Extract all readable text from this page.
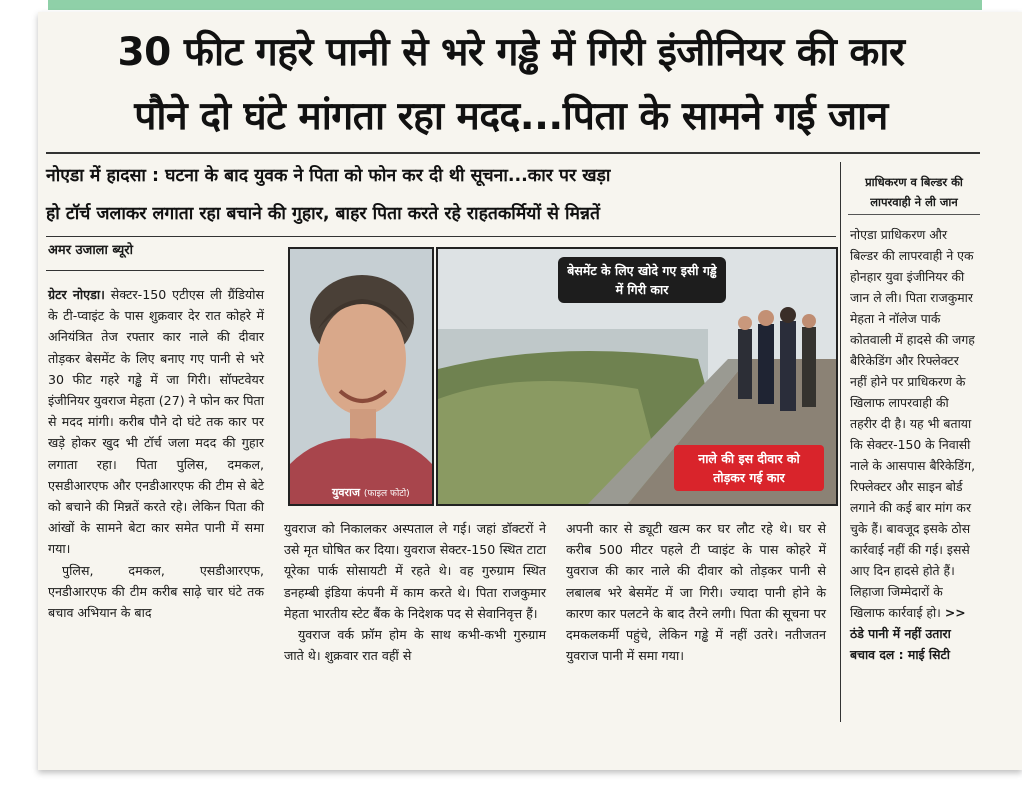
30 फीट गहरे पानी से भरे गड्ढे में गिरी इंजीनियर की कार
पौने दो घंटे मांगता रहा मदद...पिता के सामने गई जान
नोएडा में हादसा : घटना के बाद युवक ने पिता को फोन कर दी थी सूचना...कार पर खड़ा
हो टॉर्च जलाकर लगाता रहा बचाने की गुहार, बाहर पिता करते रहे राहतकर्मियों से मिन्नतें
अमर उजाला ब्यूरो
युवराज (फाइल फोटो)
बेसमेंट के लिए खोदे गए इसी गड्ढे में गिरी कार
नाले की इस दीवार को तोड़कर गई कार

ग्रेटर नोएडा। सेक्टर-150 एटीएस ली ग्रैंडियोस के टी-प्वाइंट के पास शुक्रवार देर रात कोहरे में अनियंत्रित तेज रफ्तार कार नाले की दीवार तोड़कर बेसमेंट के लिए बनाए गए पानी से भरे 30 फीट गहरे गड्ढे में जा गिरी। सॉफ्टवेयर इंजीनियर युवराज मेहता (27) ने फोन कर पिता से मदद मांगी। करीब पौने दो घंटे तक कार पर खड़े होकर खुद भी टॉर्च जला मदद की गुहार लगाता रहा। पिता पुलिस, दमकल, एसडीआरएफ और एनडीआरएफ की टीम से बेटे को बचाने की मिन्नतें करते रहे। लेकिन पिता की आंखों के सामने बेटा कार समेत पानी में समा गया।

पुलिस, दमकल, एसडीआरएफ, एनडीआरएफ की टीम करीब साढ़े चार घंटे तक बचाव अभियान के बाद

युवराज को निकालकर अस्पताल ले गई। जहां डॉक्टरों ने उसे मृत घोषित कर दिया। युवराज सेक्टर-150 स्थित टाटा यूरेका पार्क सोसायटी में रहते थे। वह गुरुग्राम स्थित डनहम्बी इंडिया कंपनी में काम करते थे। पिता राजकुमार मेहता भारतीय स्टेट बैंक के निदेशक पद से सेवानिवृत्त हैं।

युवराज वर्क फ्रॉम होम के साथ कभी-कभी गुरुग्राम जाते थे। शुक्रवार रात वहीं से

अपनी कार से ड्यूटी खत्म कर घर लौट रहे थे। घर से करीब 500 मीटर पहले टी प्वाइंट के पास कोहरे में युवराज की कार नाले की दीवार को तोड़कर पानी से लबालब भरे बेसमेंट में जा गिरी। ज्यादा पानी होने के कारण कार पलटने के बाद तैरने लगी। पिता की सूचना पर दमकलकर्मी पहुंचे, लेकिन गड्ढे में नहीं उतरे। नतीजतन युवराज पानी में समा गया।

प्राधिकरण व बिल्डर की लापरवाही ने ली जान
नोएडा प्राधिकरण और बिल्डर की लापरवाही ने एक होनहार युवा इंजीनियर की जान ले ली। पिता राजकुमार मेहता ने नॉलेज पार्क कोतवाली में हादसे की जगह बैरिकेडिंग और रिफ्लेक्टर नहीं होने पर प्राधिकरण के खिलाफ लापरवाही की तहरीर दी है। यह भी बताया कि सेक्टर-150 के निवासी नाले के आसपास बैरिकेडिंग, रिफ्लेक्टर और साइन बोर्ड लगाने की कई बार मांग कर चुके हैं। बावजूद इसके ठोस कार्रवाई नहीं की गई। इससे आए दिन हादसे होते हैं। लिहाजा जिम्मेदारों के खिलाफ कार्रवाई हो। >> ठंडे पानी में नहीं उतारा बचाव दल : माई सिटी
